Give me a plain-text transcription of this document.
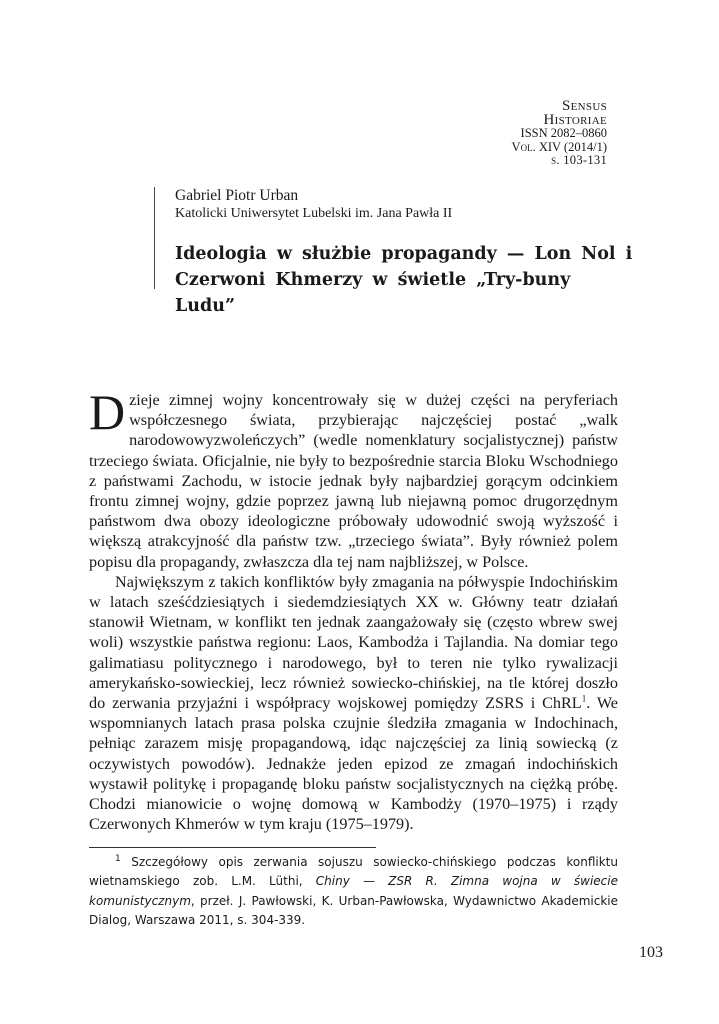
Sensus
Historiae
ISSN 2082–0860
Vol. XIV (2014/1)
s. 103-131

Gabriel Piotr Urban

Katolicki Uniwersytet Lubelski im. Jana Pawła II

Ideologia w służbie propagandy — Lon Nol i Czerwoni Khmerzy w świetle „Try-buny Ludu”

Dzieje zimnej wojny koncentrowały się w dużej części na peryferiach współczesnego świata, przybierając najczęściej postać „walk narodowowyzwoleńczych” (wedle nomenklatury socjalistycznej) państw trzeciego świata. Oficjalnie, nie były to bezpośrednie starcia Bloku Wschodniego z państwami Zachodu, w istocie jednak były najbardziej gorącym odcinkiem frontu zimnej wojny, gdzie poprzez jawną lub niejawną pomoc drugorzędnym państwom dwa obozy ideologiczne próbowały udowodnić swoją wyższość i większą atrakcyjność dla państw tzw. „trzeciego świata”. Były również polem popisu dla propagandy, zwłaszcza dla tej nam najbliższej, w Polsce.

Największym z takich konfliktów były zmagania na półwyspie Indochińskim w latach sześćdziesiątych i siedemdziesiątych XX w. Główny teatr działań stanowił Wietnam, w konflikt ten jednak zaangażowały się (często wbrew swej woli) wszystkie państwa regionu: Laos, Kambodża i Tajlandia. Na domiar tego galimatiasu politycznego i narodowego, był to teren nie tylko rywalizacji amerykańsko-sowieckiej, lecz również sowiecko-chińskiej, na tle której doszło do zerwania przyjaźni i współpracy wojskowej pomiędzy ZSRS i ChRL$^1$. We wspomnianych latach prasa polska czujnie śledziła zmagania w Indochinach, pełniąc zarazem misję propagandową, idąc najczęściej za linią sowiecką (z oczywistych powodów). Jednakże jeden epizod ze zmagań indochińskich wystawił politykę i propagandę bloku państw socjalistycznych na ciężką próbę. Chodzi mianowicie o wojnę domową w Kambodży (1970–1975) i rządy Czerwonych Khmerów w tym kraju (1975–1979).

$^1$ Szczegółowy opis zerwania sojuszu sowiecko-chińskiego podczas konfliktu wietnamskiego zob. L.M. Lüthi, Chiny — ZSR R. Zimna wojna w świecie komunistycznym, przeł. J. Pawłowski, K. Urban-Pawłowska, Wydawnictwo Akademickie Dialog, Warszawa 2011, s. 304-339.

103
